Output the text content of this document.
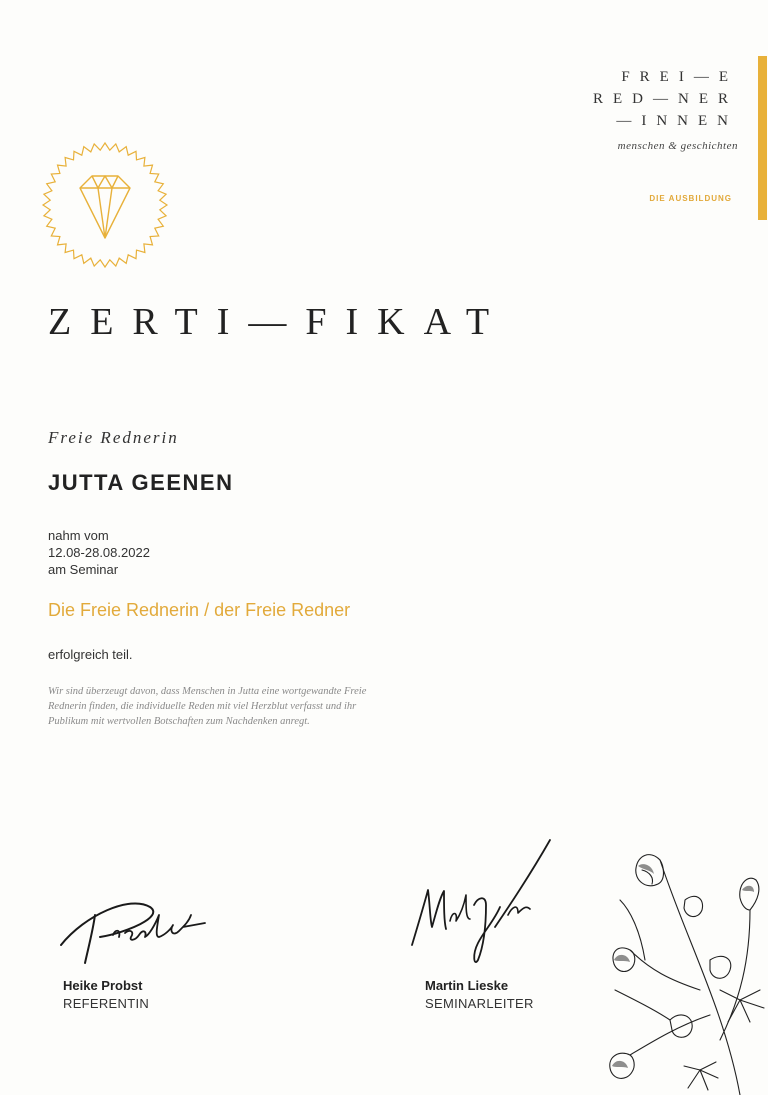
FREI—E
RED—NER
—INNEN
menschen & geschichten
DIE AUSBILDUNG
ZERTI—FIKAT
Freie Rednerin
JUTTA GEENEN
nahm vom
12.08-28.08.2022
am Seminar
Die Freie Rednerin / der Freie Redner
erfolgreich teil.
Wir sind überzeugt davon, dass Menschen in Jutta eine wortgewandte Freie Rednerin finden, die individuelle Reden mit viel Herzblut verfasst und ihr Publikum mit wertvollen Botschaften zum Nachdenken anregt.
Heike Probst
REFERENTIN
Martin Lieske
SEMINARLEITER
